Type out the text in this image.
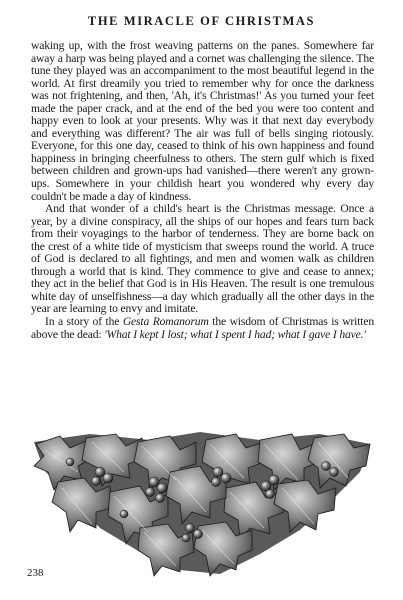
THE MIRACLE OF CHRISTMAS

waking up, with the frost weaving patterns on the panes. Somewhere far away a harp was being played and a cornet was challenging the silence. The tune they played was an accompaniment to the most beautiful legend in the world. At first dreamily you tried to remember why for once the darkness was not frightening, and then, 'Ah, it's Christmas!' As you turned your feet made the paper crack, and at the end of the bed you were too content and happy even to look at your presents. Why was it that next day everybody and everything was different? The air was full of bells singing riotously. Everyone, for this one day, ceased to think of his own happiness and found happiness in bringing cheerfulness to others. The stern gulf which is fixed between children and grown-ups had vanished—there weren't any grown-ups. Somewhere in your childish heart you wondered why every day couldn't be made a day of kindness.

And that wonder of a child's heart is the Christmas message. Once a year, by a divine conspiracy, all the ships of our hopes and fears turn back from their voyagings to the harbor of tenderness. They are borne back on the crest of a white tide of mysticism that sweeps round the world. A truce of God is declared to all fightings, and men and women walk as children through a world that is kind. They commence to give and cease to annex; they act in the belief that God is in His Heaven. The result is one tremulous white day of unselfishness—a day which gradually all the other days in the year are learning to envy and imitate.

In a story of the Gesta Romanorum the wisdom of Christmas is written above the dead: 'What I kept I lost; what I spent I had; what I gave I have.'

238
